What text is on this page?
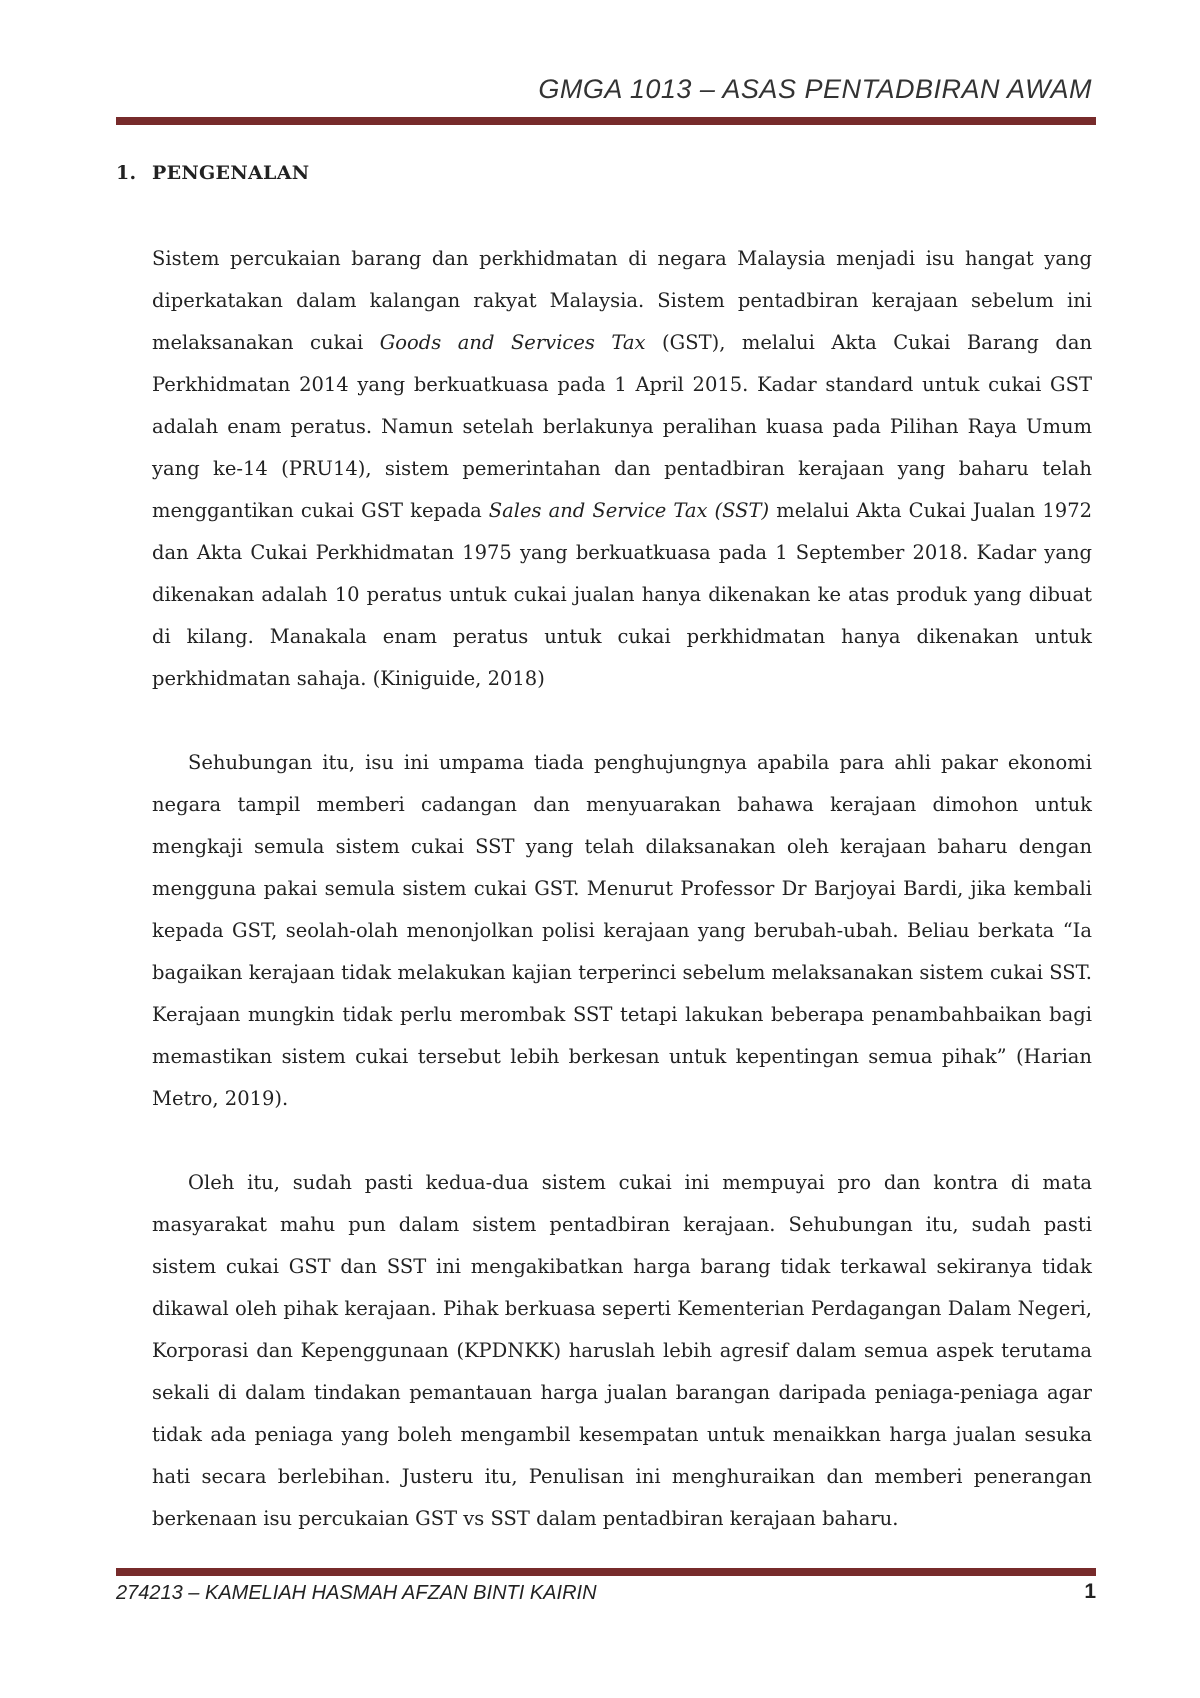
GMGA 1013 – ASAS PENTADBIRAN AWAM
1. PENGENALAN

Sistem percukaian barang dan perkhidmatan di negara Malaysia menjadi isu hangat yang diperkatakan dalam kalangan rakyat Malaysia. Sistem pentadbiran kerajaan sebelum ini melaksanakan cukai Goods and Services Tax (GST), melalui Akta Cukai Barang dan Perkhidmatan 2014 yang berkuatkuasa pada 1 April 2015. Kadar standard untuk cukai GST adalah enam peratus. Namun setelah berlakunya peralihan kuasa pada Pilihan Raya Umum yang ke-14 (PRU14), sistem pemerintahan dan pentadbiran kerajaan yang baharu telah menggantikan cukai GST kepada Sales and Service Tax (SST) melalui Akta Cukai Jualan 1972 dan Akta Cukai Perkhidmatan 1975 yang berkuatkuasa pada 1 September 2018. Kadar yang dikenakan adalah 10 peratus untuk cukai jualan hanya dikenakan ke atas produk yang dibuat di kilang. Manakala enam peratus untuk cukai perkhidmatan hanya dikenakan untuk perkhidmatan sahaja. (Kiniguide, 2018)

Sehubungan itu, isu ini umpama tiada penghujungnya apabila para ahli pakar ekonomi negara tampil memberi cadangan dan menyuarakan bahawa kerajaan dimohon untuk mengkaji semula sistem cukai SST yang telah dilaksanakan oleh kerajaan baharu dengan mengguna pakai semula sistem cukai GST. Menurut Professor Dr Barjoyai Bardi, jika kembali kepada GST, seolah-olah menonjolkan polisi kerajaan yang berubah-ubah. Beliau berkata “Ia bagaikan kerajaan tidak melakukan kajian terperinci sebelum melaksanakan sistem cukai SST. Kerajaan mungkin tidak perlu merombak SST tetapi lakukan beberapa penambahbaikan bagi memastikan sistem cukai tersebut lebih berkesan untuk kepentingan semua pihak” (Harian Metro, 2019).

Oleh itu, sudah pasti kedua-dua sistem cukai ini mempuyai pro dan kontra di mata masyarakat mahu pun dalam sistem pentadbiran kerajaan. Sehubungan itu, sudah pasti sistem cukai GST dan SST ini mengakibatkan harga barang tidak terkawal sekiranya tidak dikawal oleh pihak kerajaan. Pihak berkuasa seperti Kementerian Perdagangan Dalam Negeri, Korporasi dan Kepenggunaan (KPDNKK) haruslah lebih agresif dalam semua aspek terutama sekali di dalam tindakan pemantauan harga jualan barangan daripada peniaga-peniaga agar tidak ada peniaga yang boleh mengambil kesempatan untuk menaikkan harga jualan sesuka hati secara berlebihan. Justeru itu, Penulisan ini menghuraikan dan memberi penerangan berkenaan isu percukaian GST vs SST dalam pentadbiran kerajaan baharu.

274213 – KAMELIAH HASMAH AFZAN BINTI KAIRIN	1
